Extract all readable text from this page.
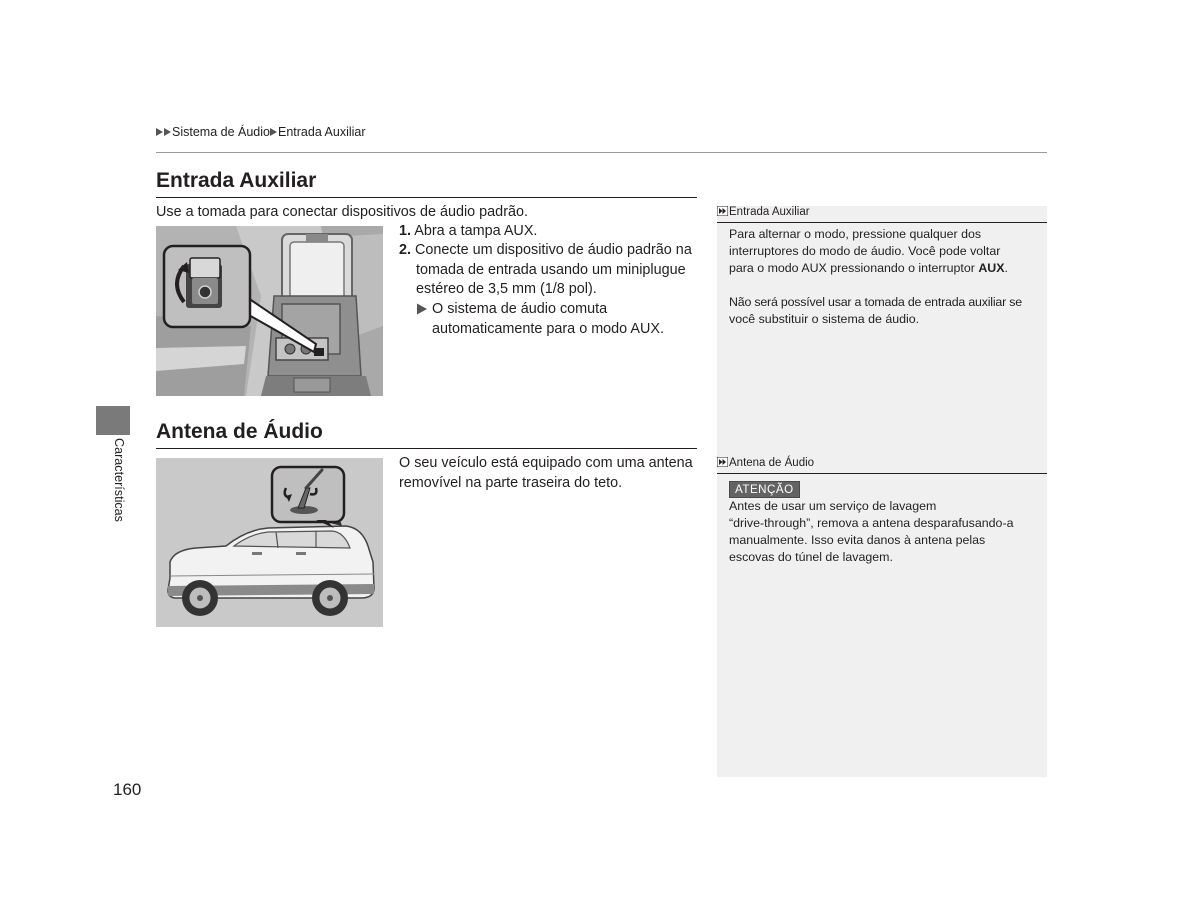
Sistema de Áudio Entrada Auxiliar
Entrada Auxiliar
Use a tomada para conectar dispositivos de áudio padrão.
1. Abra a tampa AUX.
2. Conecte um dispositivo de áudio padrão na
tomada de entrada usando um miniplugue
estéreo de 3,5 mm (1/8 pol).
O sistema de áudio comuta
automaticamente para o modo AUX.
Entrada Auxiliar
Para alternar o modo, pressione qualquer dos
interruptores do modo de áudio. Você pode voltar
para o modo AUX pressionando o interruptor AUX.
Não será possível usar a tomada de entrada auxiliar se
você substituir o sistema de áudio.
Características
Antena de Áudio
O seu veículo está equipado com uma antena
removível na parte traseira do teto.
Antena de Áudio
ATENÇÃO
Antes de usar um serviço de lavagem
“drive-through”, remova a antena desparafusando-a
manualmente. Isso evita danos à antena pelas
escovas do túnel de lavagem.
160
